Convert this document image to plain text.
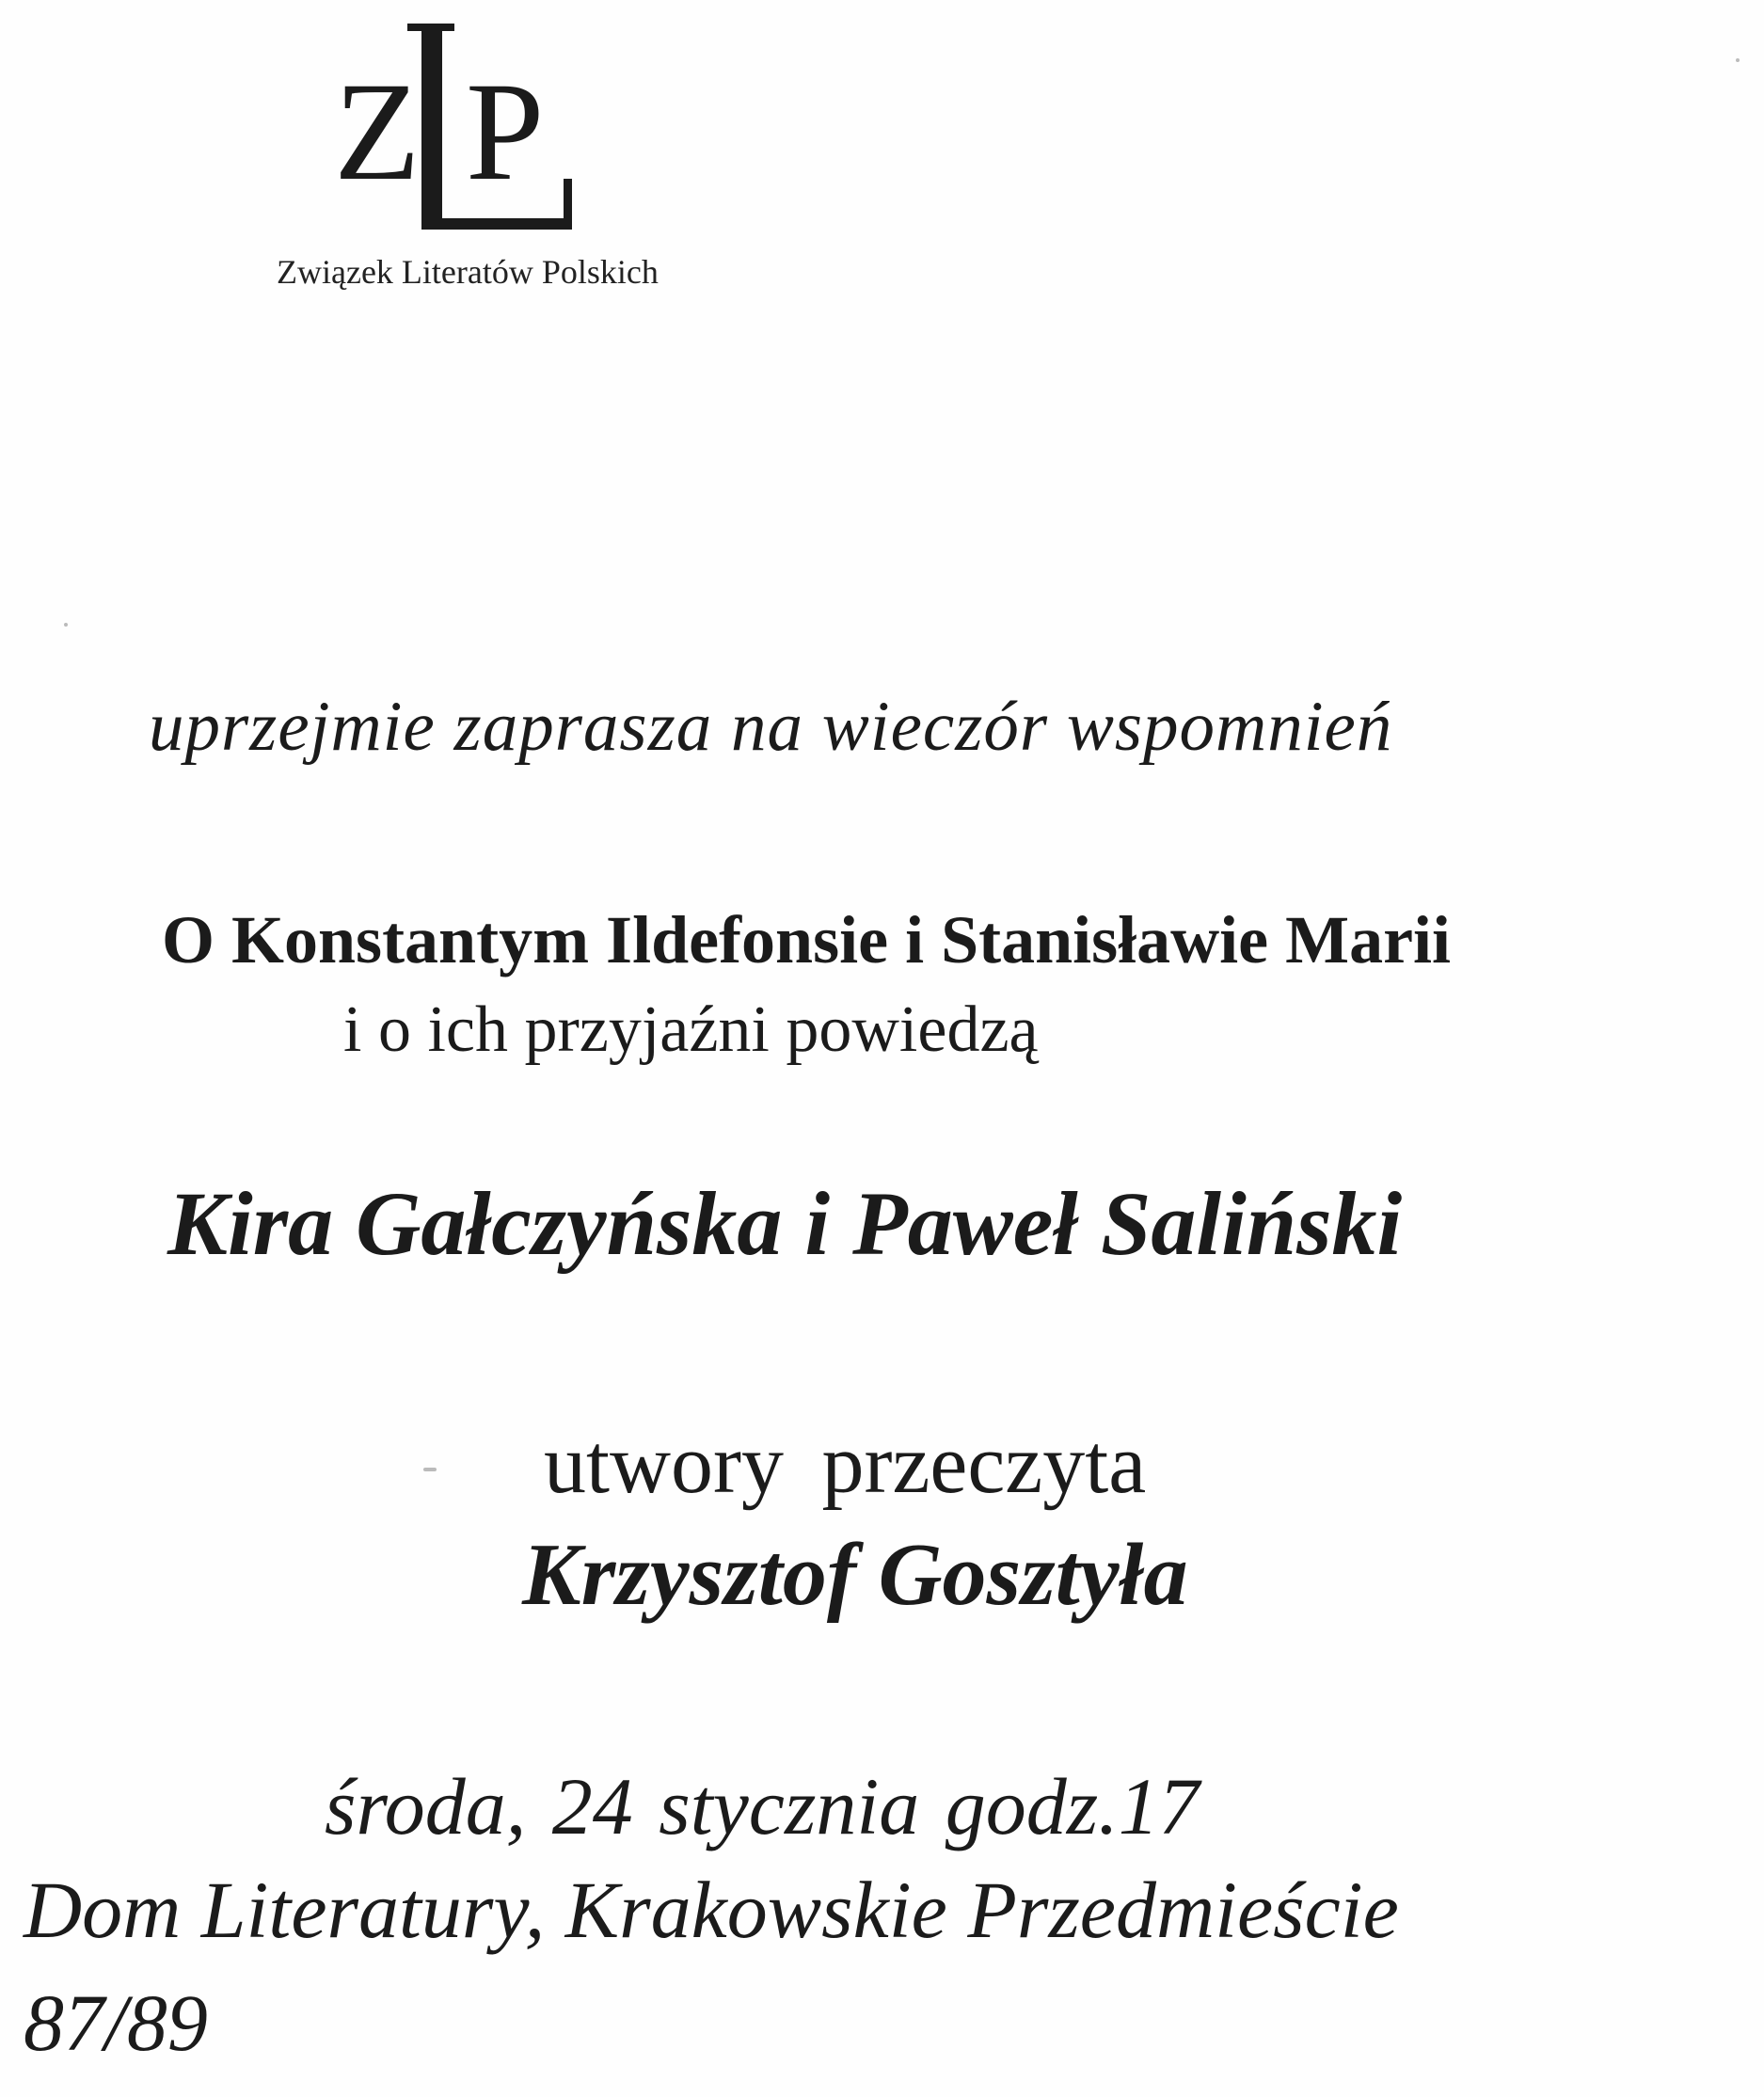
Z P
Związek Literatów Polskich
uprzejmie zaprasza na wieczór wspomnień
O Konstantym Ildefonsie i Stanisławie Marii
i o ich przyjaźni powiedzą
Kira Gałczyńska i Paweł Saliński
utwory przeczyta
Krzysztof Gosztyła
środa, 24 stycznia godz.17
Dom Literatury, Krakowskie Przedmieście
87/89
